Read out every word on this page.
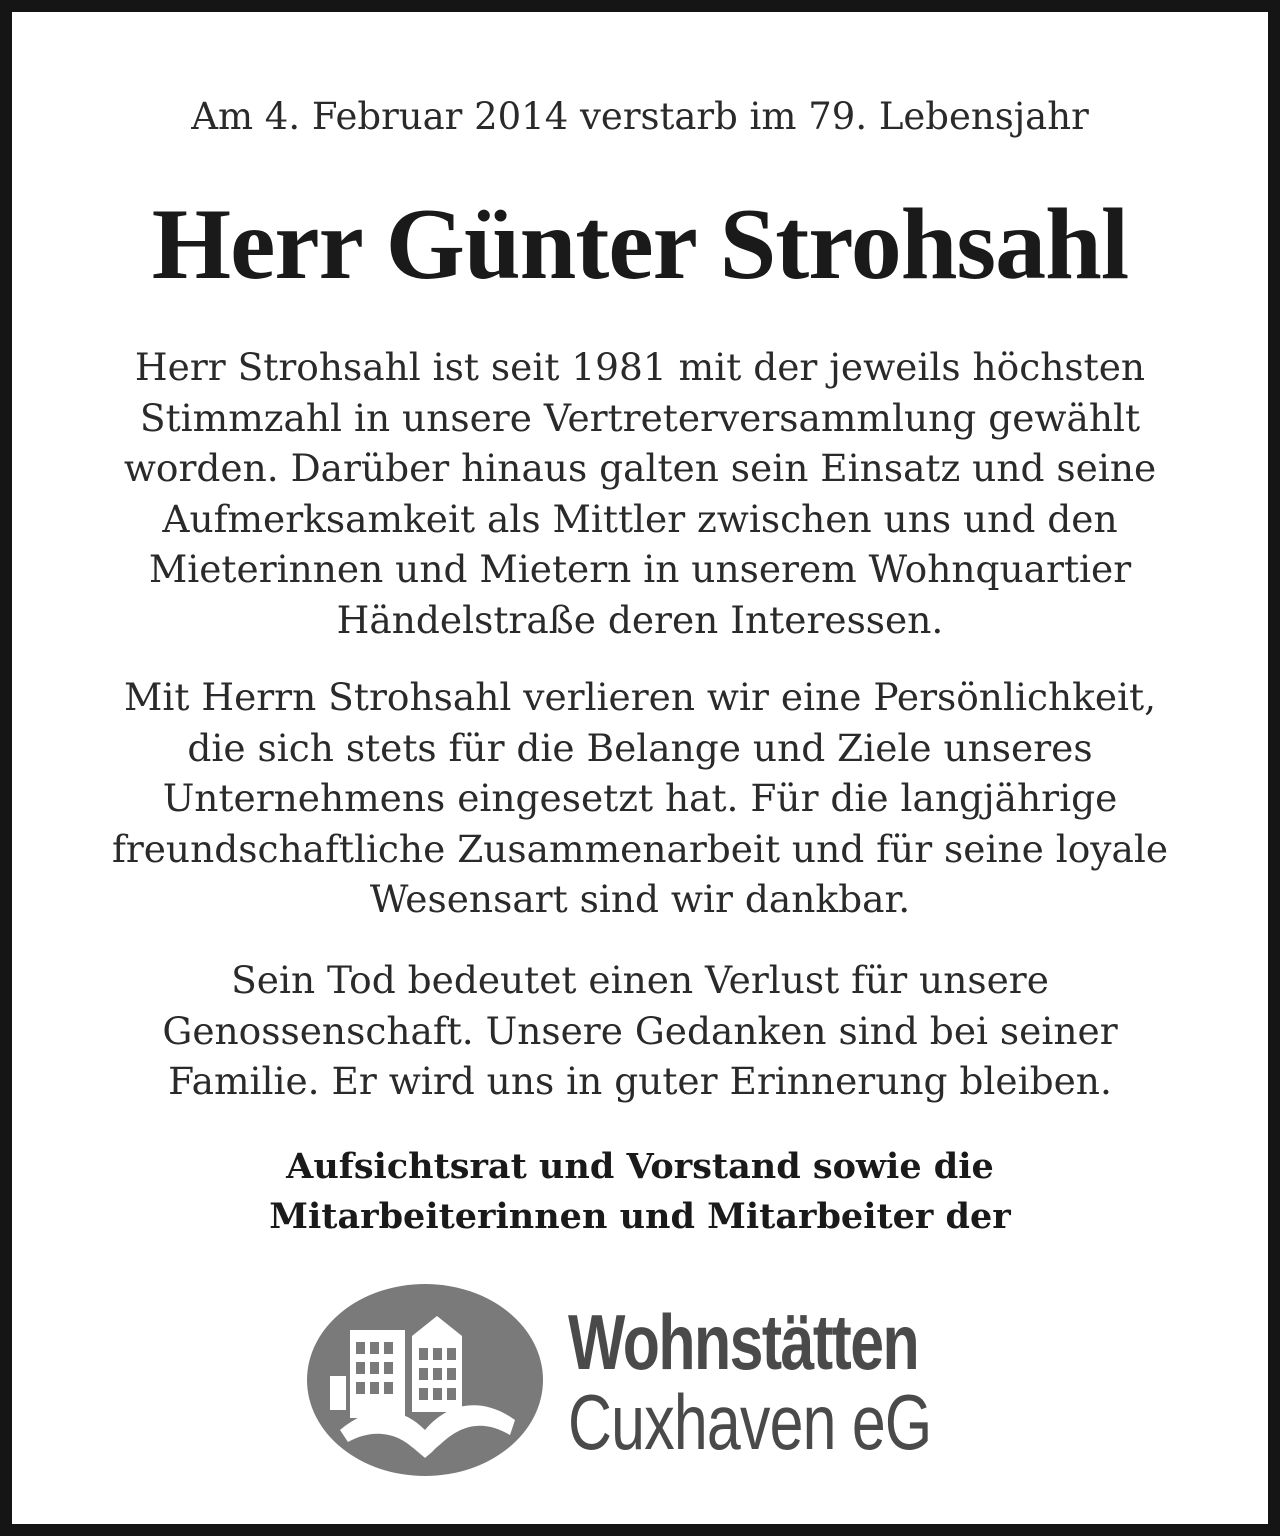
Am 4. Februar 2014 verstarb im 79. Lebensjahr
Herr Günter Strohsahl
Herr Strohsahl ist seit 1981 mit der jeweils höchsten
Stimmzahl in unsere Vertreterversammlung gewählt
worden. Darüber hinaus galten sein Einsatz und seine
Aufmerksamkeit als Mittler zwischen uns und den
Mieterinnen und Mietern in unserem Wohnquartier
Händelstraße deren Interessen.
Mit Herrn Strohsahl verlieren wir eine Persönlichkeit,
die sich stets für die Belange und Ziele unseres
Unternehmens eingesetzt hat. Für die langjährige
freundschaftliche Zusammenarbeit und für seine loyale
Wesensart sind wir dankbar.
Sein Tod bedeutet einen Verlust für unsere
Genossenschaft. Unsere Gedanken sind bei seiner
Familie. Er wird uns in guter Erinnerung bleiben.
Aufsichtsrat und Vorstand sowie die
Mitarbeiterinnen und Mitarbeiter der
Wohnstätten
Cuxhaven eG
